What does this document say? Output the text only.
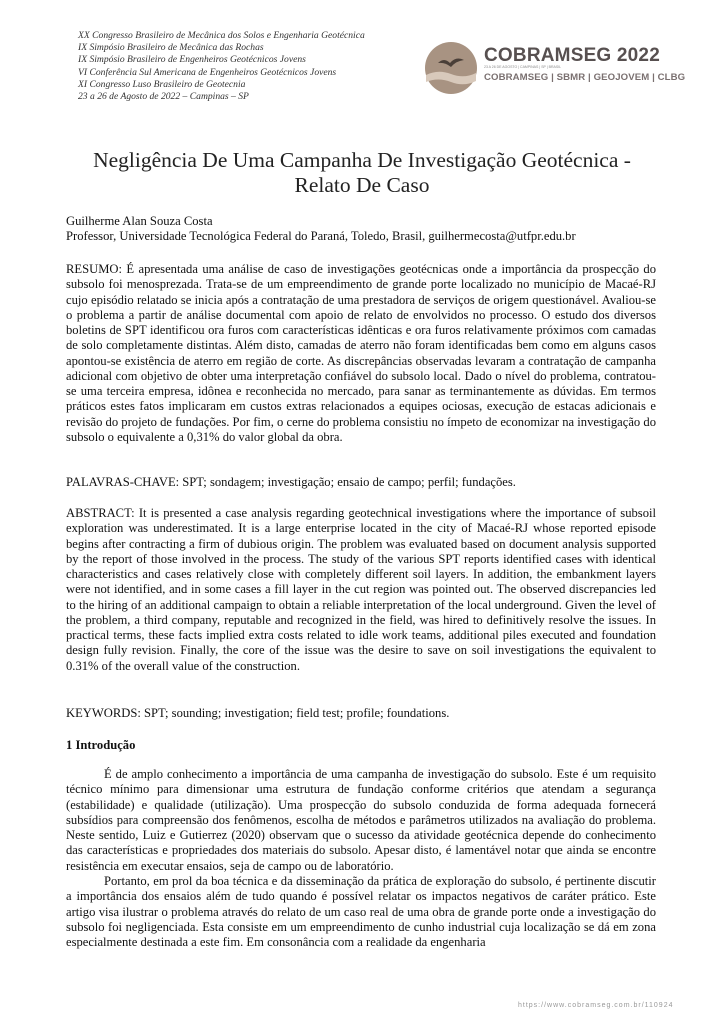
XX Congresso Brasileiro de Mecânica dos Solos e Engenharia Geotécnica
IX Simpósio Brasileiro de Mecânica das Rochas
IX Simpósio Brasileiro de Engenheiros Geotécnicos Jovens
VI Conferência Sul Americana de Engenheiros Geotécnicos Jovens
XI Congresso Luso Brasileiro de Geotecnia
23 a 26 de Agosto de 2022 – Campinas – SP
COBRAMSEG 2022
23 A 26 DE AGOSTO | CAMPINAS | SP | BRASIL
COBRAMSEG | SBMR | GEOJOVEM | CLBG
Negligência De Uma Campanha De Investigação Geotécnica -
Relato De Caso
Guilherme Alan Souza Costa
Professor, Universidade Tecnológica Federal do Paraná, Toledo, Brasil, guilhermecosta@utfpr.edu.br
RESUMO: É apresentada uma análise de caso de investigações geotécnicas onde a importância da prospecção do subsolo foi menosprezada. Trata-se de um empreendimento de grande porte localizado no município de Macaé-RJ cujo episódio relatado se inicia após a contratação de uma prestadora de serviços de origem questionável. Avaliou-se o problema a partir de análise documental com apoio de relato de envolvidos no processo. O estudo dos diversos boletins de SPT identificou ora furos com características idênticas e ora furos relativamente próximos com camadas de solo completamente distintas. Além disto, camadas de aterro não foram identificadas bem como em alguns casos apontou-se existência de aterro em região de corte. As discrepâncias observadas levaram a contratação de campanha adicional com objetivo de obter uma interpretação confiável do subsolo local. Dado o nível do problema, contratou-se uma terceira empresa, idônea e reconhecida no mercado, para sanar as terminantemente as dúvidas. Em termos práticos estes fatos implicaram em custos extras relacionados a equipes ociosas, execução de estacas adicionais e revisão do projeto de fundações. Por fim, o cerne do problema consistiu no ímpeto de economizar na investigação do subsolo o equivalente a 0,31% do valor global da obra.
PALAVRAS-CHAVE: SPT; sondagem; investigação; ensaio de campo; perfil; fundações.
ABSTRACT: It is presented a case analysis regarding geotechnical investigations where the importance of subsoil exploration was underestimated. It is a large enterprise located in the city of Macaé-RJ whose reported episode begins after contracting a firm of dubious origin. The problem was evaluated based on document analysis supported by the report of those involved in the process. The study of the various SPT reports identified cases with identical characteristics and cases relatively close with completely different soil layers. In addition, the embankment layers were not identified, and in some cases a fill layer in the cut region was pointed out. The observed discrepancies led to the hiring of an additional campaign to obtain a reliable interpretation of the local underground. Given the level of the problem, a third company, reputable and recognized in the field, was hired to definitively resolve the issues. In practical terms, these facts implied extra costs related to idle work teams, additional piles executed and foundation design fully revision. Finally, the core of the issue was the desire to save on soil investigations the equivalent to 0.31% of the overall value of the construction.
KEYWORDS: SPT; sounding; investigation; field test; profile; foundations.
1 Introdução
É de amplo conhecimento a importância de uma campanha de investigação do subsolo. Este é um requisito técnico mínimo para dimensionar uma estrutura de fundação conforme critérios que atendam a segurança (estabilidade) e qualidade (utilização). Uma prospecção do subsolo conduzida de forma adequada fornecerá subsídios para compreensão dos fenômenos, escolha de métodos e parâmetros utilizados na avaliação do problema. Neste sentido, Luiz e Gutierrez (2020) observam que o sucesso da atividade geotécnica depende do conhecimento das características e propriedades dos materiais do subsolo. Apesar disto, é lamentável notar que ainda se encontre resistência em executar ensaios, seja de campo ou de laboratório.
Portanto, em prol da boa técnica e da disseminação da prática de exploração do subsolo, é pertinente discutir a importância dos ensaios além de tudo quando é possível relatar os impactos negativos de caráter prático. Este artigo visa ilustrar o problema através do relato de um caso real de uma obra de grande porte onde a investigação do subsolo foi negligenciada. Esta consiste em um empreendimento de cunho industrial cuja localização se dá em zona especialmente destinada a este fim. Em consonância com a realidade da engenharia
https://www.cobramseg.com.br/110924
